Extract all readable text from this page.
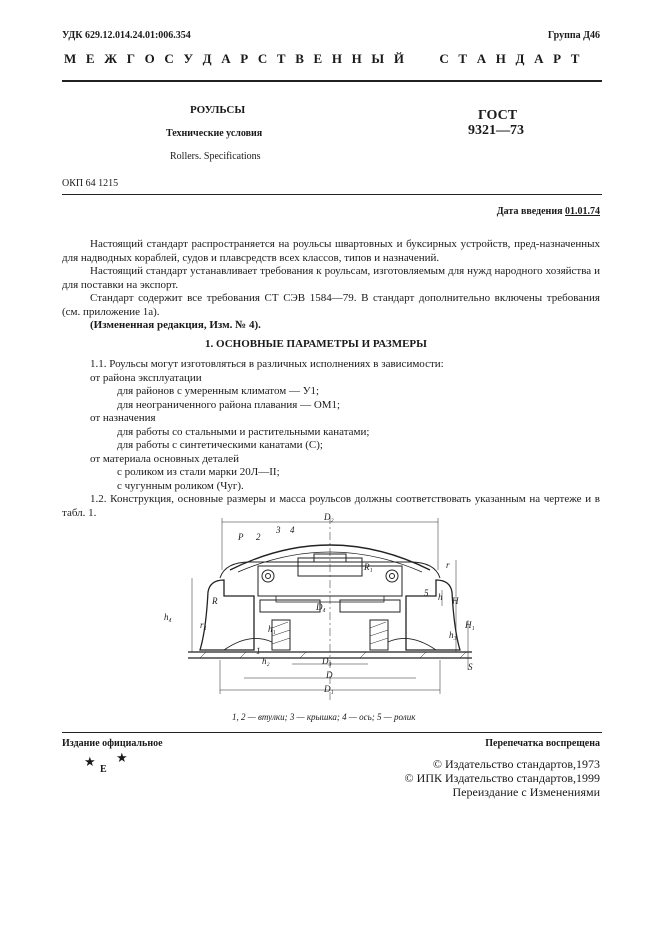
УДК 629.12.014.24.01:006.354	Группа Д46
М Е Ж Г О С У Д А Р С Т В Е Н Н Ы Й     С Т А Н Д А Р Т
РОУЛЬСЫ
Технические условия
Rollers. Specifications
ГОСТ
9321—73
ОКП 64 1215
Дата введения 01.01.74

Настоящий стандарт распространяется на роульсы швартовных и буксирных устройств, пред-назначенных для надводных кораблей, судов и плавсредств всех классов, типов и назначений.

Настоящий стандарт устанавливает требования к роульсам, изготовляемым для нужд народного хозяйства и для поставки на экспорт.

Стандарт содержит все требования СТ СЭВ 1584—79. В стандарт дополнительно включены требования (см. приложение 1а).

(Измененная редакция, Изм. № 4).

1. ОСНОВНЫЕ ПАРАМЕТРЫ И РАЗМЕРЫ

1.1. Роульсы могут изготовляться в различных исполнениях в зависимости:

от района эксплуатации

для районов с умеренным климатом — У1;

для неограниченного района плавания — ОМ1;

от назначения

для работы со стальными и растительными канатами;

для работы с синтетическими канатами (С);

от материала основных деталей

с роликом из стали марки 20Л—II;

с чугунным роликом (Чуг).

1.2. Конструкция, основные размеры и масса роульсов должны соответствовать указанным на чертеже и в табл. 1.	D₂
P 2
3 4
R₁	r
R
h₄
r₁
D₄
5 h H
H₁
h₃
h₁
1
S
h₂	D₃
D
D₁
1, 2 — втулки; 3 — крышка; 4 — ось; 5 — ролик
Издание официальное	Перепечатка воспрещена
★
E
★	© Издательство стандартов,1973
© ИПК Издательство стандартов,1999
Переиздание с Изменениями
